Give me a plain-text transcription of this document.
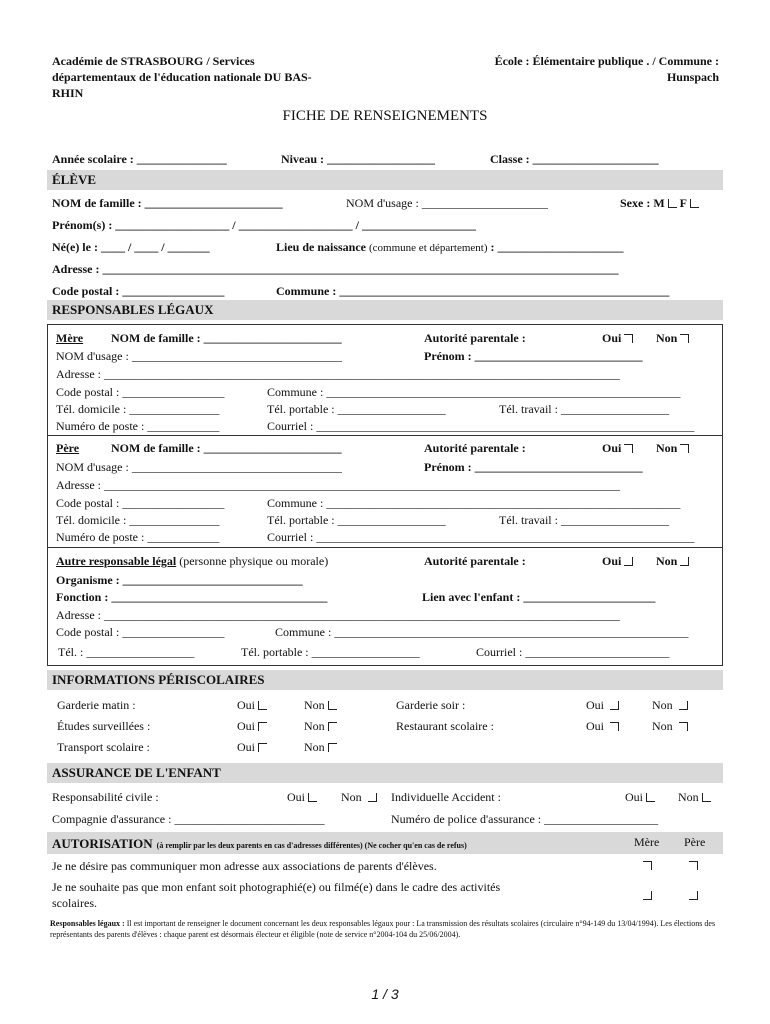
Académie de STRASBOURG / Services
départementaux de l'éducation nationale DU BAS-
RHIN
École : Élémentaire publique . / Commune :
Hunspach
FICHE DE RENSEIGNEMENTS
Année scolaire : _______________	Niveau : __________________	Classe : _____________________
ÉLÈVE
NOM de famille : _______________________	NOM d'usage : _____________________	Sexe : M F
Prénom(s) : ___________________ / ___________________ / ___________________
Né(e) le : ____ / ____ / _______	Lieu de naissance (commune et département) : _____________________
Adresse : ______________________________________________________________________________________
Code postal : _________________	Commune : _______________________________________________________
RESPONSABLES LÉGAUX
Mère NOM de famille : _______________________	Autorité parentale :	Oui	Non
NOM d'usage : ___________________________________	Prénom : ____________________________
Adresse : ______________________________________________________________________________________
Code postal : _________________	Commune : ___________________________________________________________
Tél. domicile : _______________	Tél. portable : __________________	Tél. travail : __________________
Numéro de poste : ____________	Courriel : _______________________________________________________________
Père	NOM de famille : _______________________	Autorité parentale :	Oui	Non
NOM d'usage : ___________________________________	Prénom : ____________________________
Adresse : ______________________________________________________________________________________
Code postal : _________________	Commune : ___________________________________________________________
Tél. domicile : _______________	Tél. portable : __________________	Tél. travail : __________________
Numéro de poste : ____________	Courriel : _______________________________________________________________
Autre responsable légal (personne physique ou morale)	Autorité parentale :	Oui	Non
Organisme : ______________________________
Fonction : ____________________________________	Lien avec l'enfant : ______________________
Adresse : ______________________________________________________________________________________
Code postal : _________________	Commune : ___________________________________________________________
Tél. : __________________	Tél. portable : __________________	Courriel : ________________________
INFORMATIONS PÉRISCOLAIRES
Garderie matin :	Oui	Non	Garderie soir :	Oui	Non
Études surveillées :	Oui	Non	Restaurant scolaire :	Oui	Non
Transport scolaire :	Oui	Non
ASSURANCE DE L'ENFANT
Responsabilité civile :	Oui	Non	Individuelle Accident :	Oui	Non
Compagnie d'assurance : _________________________	Numéro de police d'assurance : ___________________
AUTORISATION (à remplir par les deux parents en cas d'adresses différentes) (Ne cocher qu'en cas de refus)	Mère Père
Je ne désire pas communiquer mon adresse aux associations de parents d'élèves.
Je ne souhaite pas que mon enfant soit photographié(e) ou filmé(e) dans le cadre des activités
scolaires.
Responsables légaux : Il est important de renseigner le document concernant les deux responsables légaux pour : La transmission des résultats scolaires (circulaire n°94-149 du 13/04/1994). Les élections des représentants des parents d'élèves : chaque parent est désormais électeur et éligible (note de service n°2004-104 du 25/06/2004).
1 / 3
